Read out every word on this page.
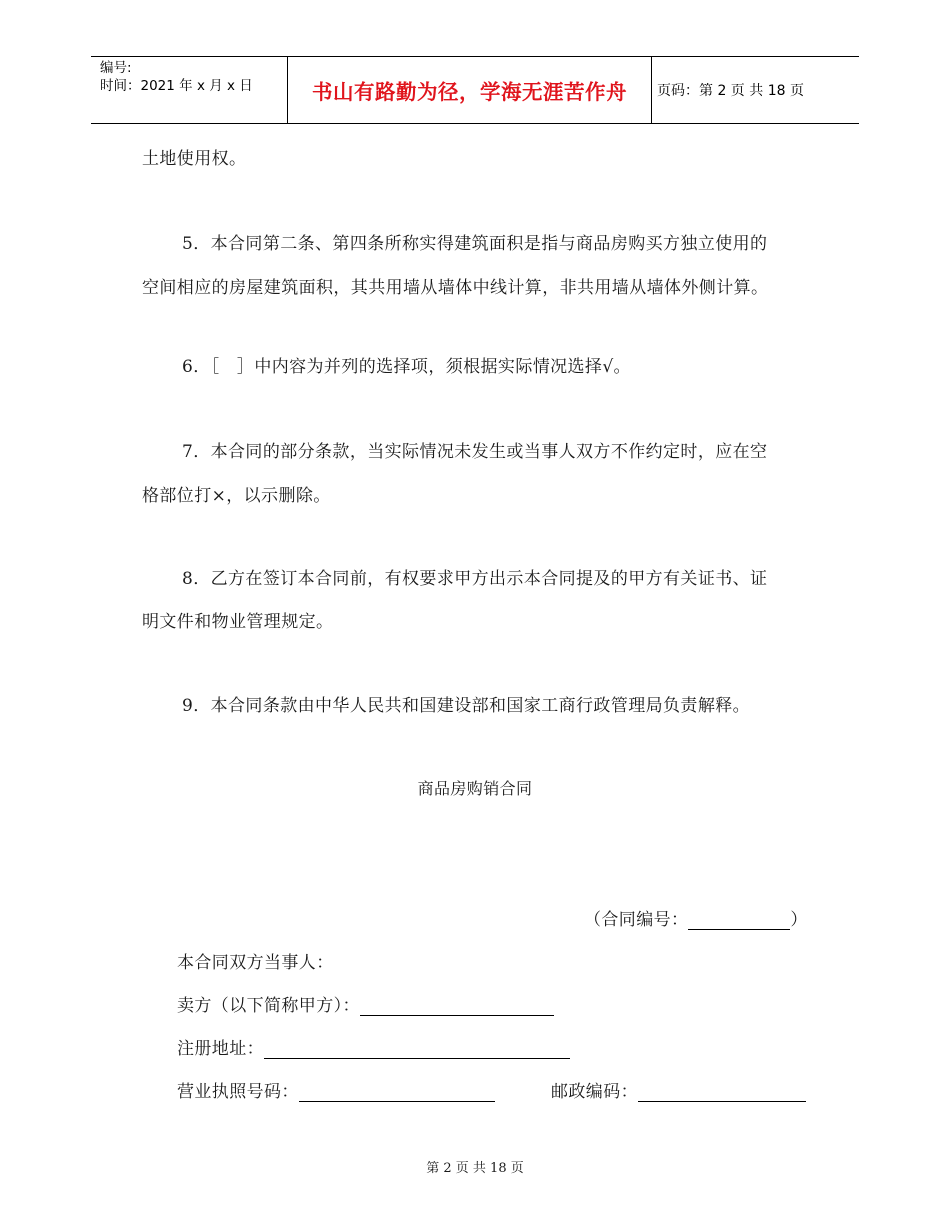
编号:
时间：2021 年 x 月 x 日	书山有路勤为径，学海无涯苦作舟	页码：第 2 页 共 18 页
土地使用权。
5．本合同第二条、第四条所称实得建筑面积是指与商品房购买方独立使用的
空间相应的房屋建筑面积，其共用墙从墙体中线计算，非共用墙从墙体外侧计算。
6．［　］中内容为并列的选择项，须根据实际情况选择√。
7．本合同的部分条款，当实际情况未发生或当事人双方不作约定时，应在空
格部位打×，以示删除。
8．乙方在签订本合同前，有权要求甲方出示本合同提及的甲方有关证书、证
明文件和物业管理规定。
9．本合同条款由中华人民共和国建设部和国家工商行政管理局负责解释。
商品房购销合同
（合同编号：	）
本合同双方当事人：
卖方（以下简称甲方）：
注册地址：
营业执照号码：	邮政编码：
第 2 页 共 18 页
